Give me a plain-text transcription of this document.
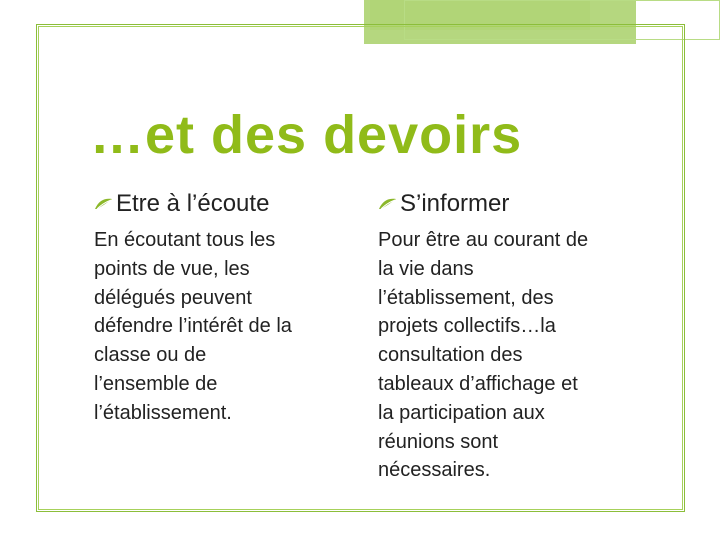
…et des devoirs
Etre à l’écoute
En écoutant tous les
points de vue, les
délégués peuvent
défendre l’intérêt de la
classe ou de
l’ensemble de
l’établissement.
S’informer
Pour être au courant de
la vie dans
l’établissement, des
projets collectifs…la
consultation des
tableaux d’affichage et
la participation aux
réunions sont
nécessaires.
